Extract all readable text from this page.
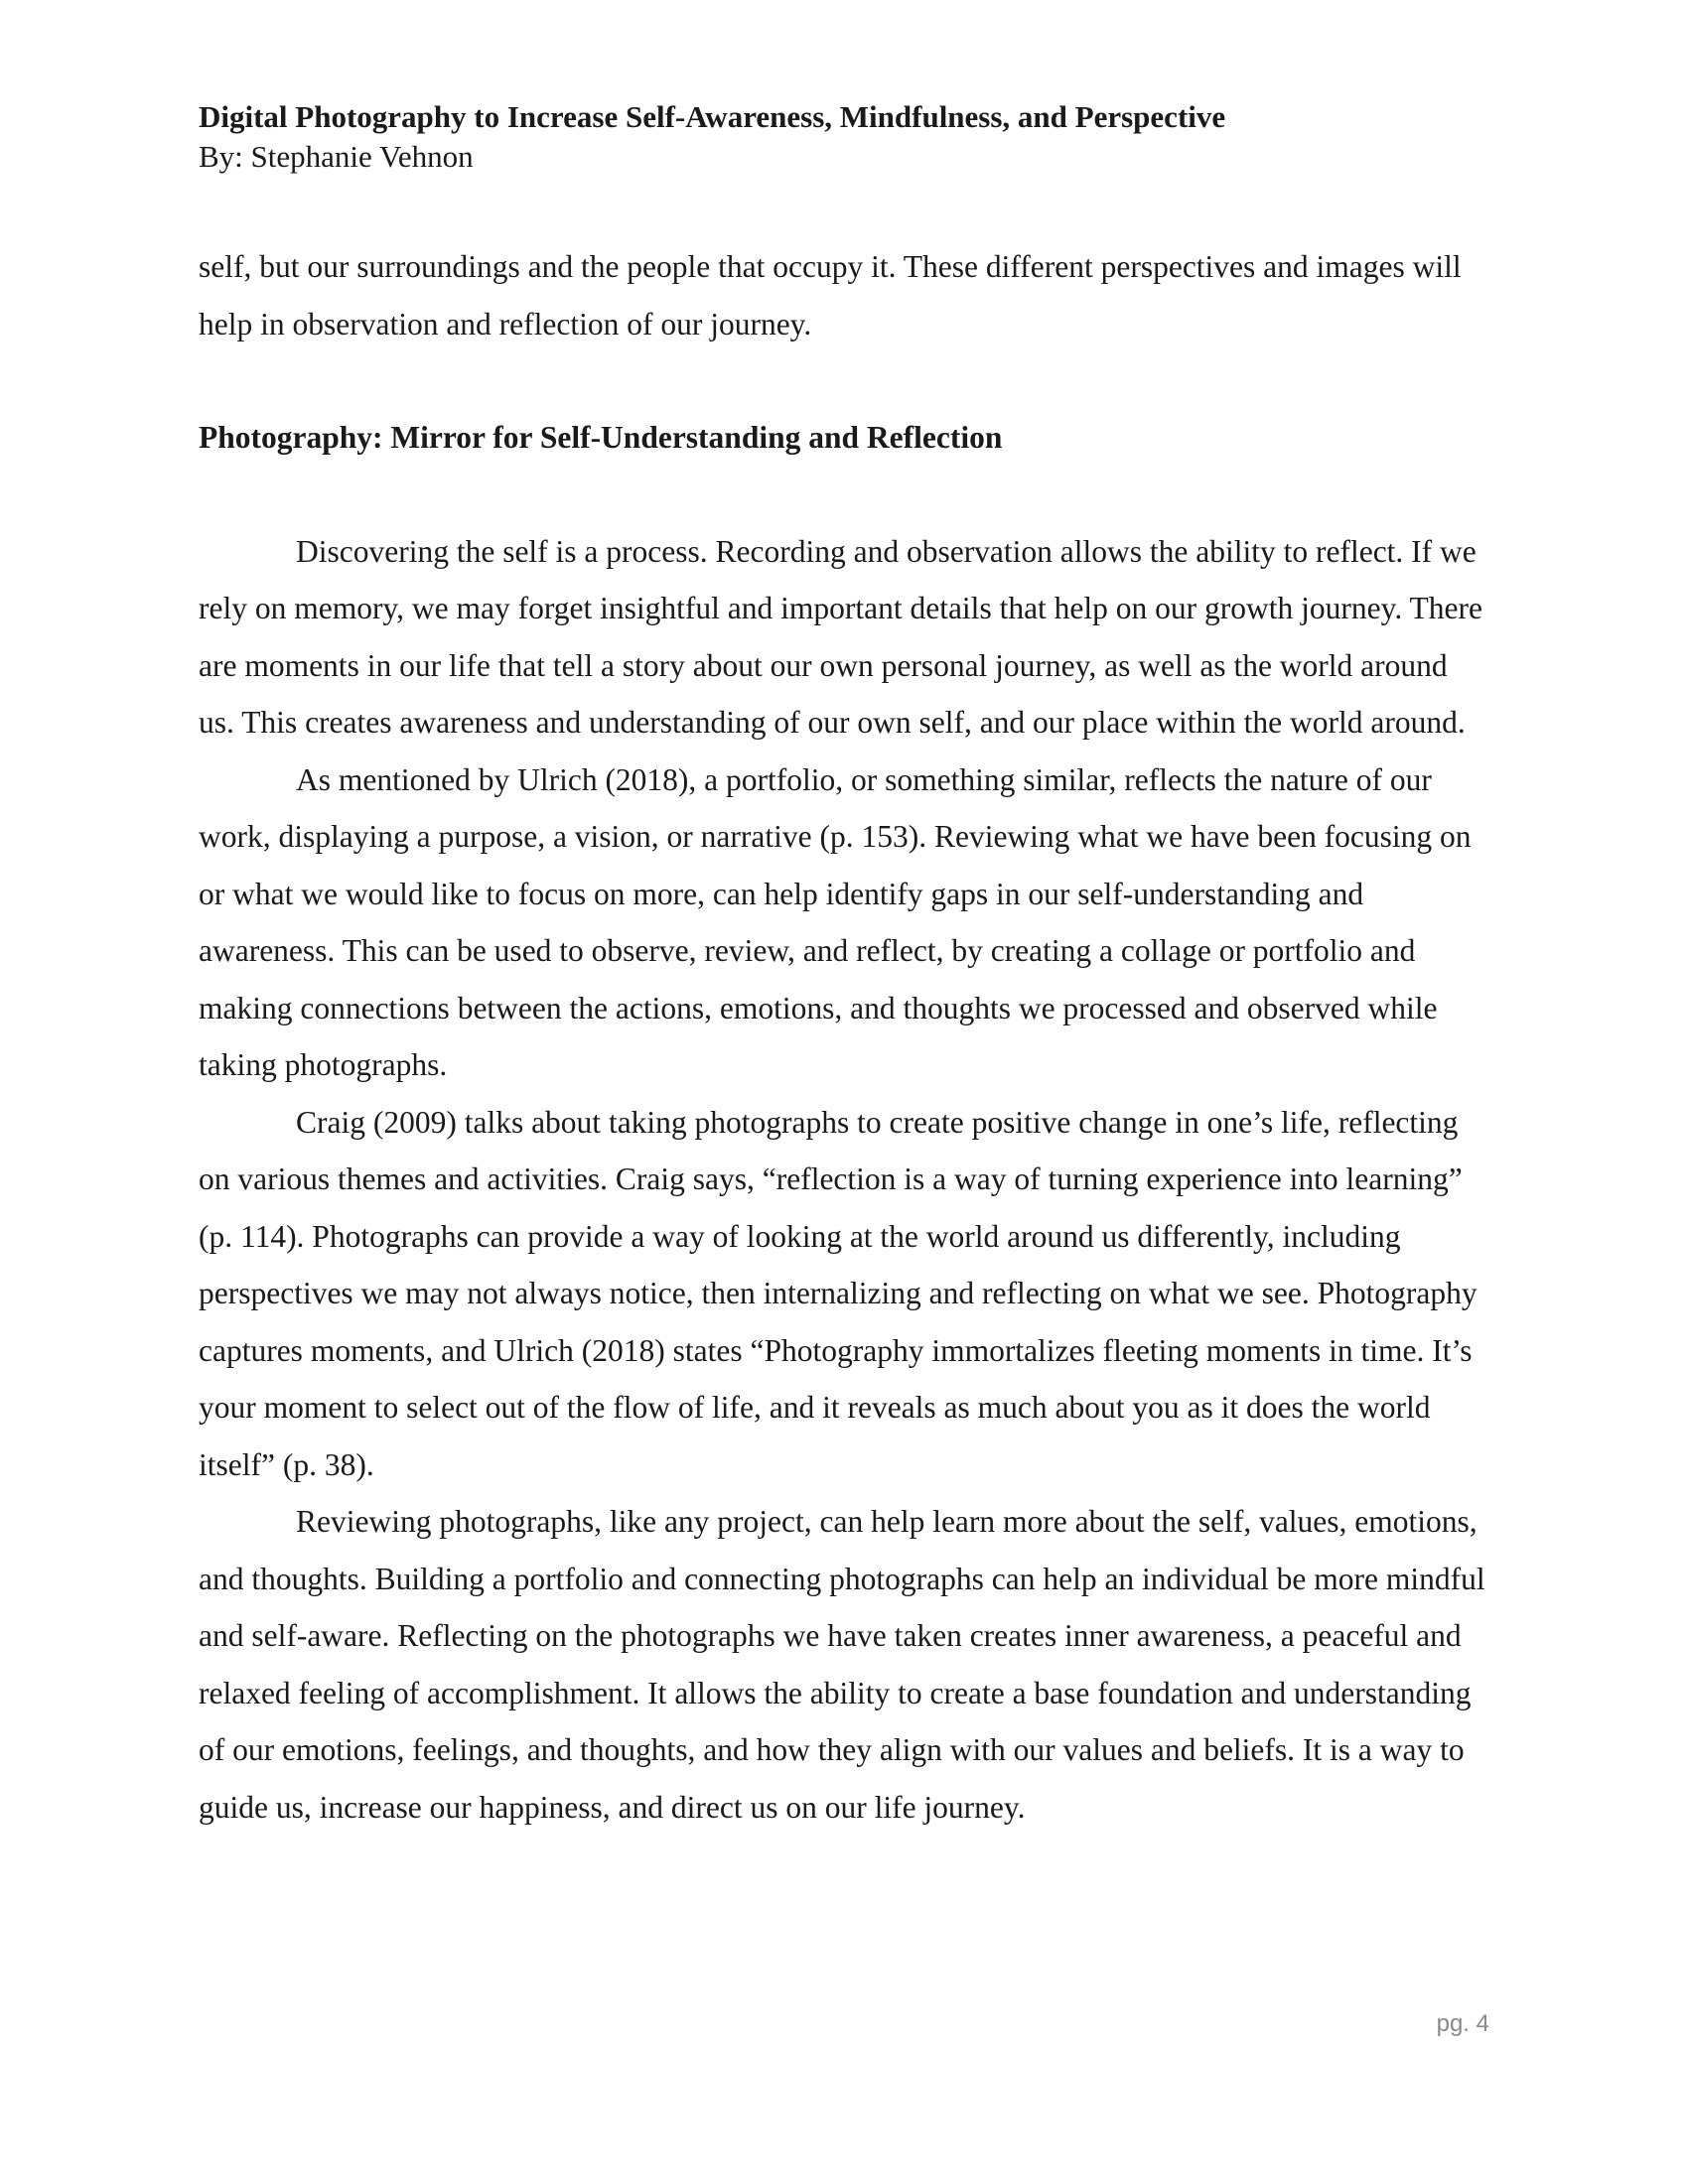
Digital Photography to Increase Self-Awareness, Mindfulness, and Perspective

By: Stephanie Vehnon

self, but our surroundings and the people that occupy it. These different perspectives and images will help in observation and reflection of our journey.

Photography: Mirror for Self-Understanding and Reflection

Discovering the self is a process. Recording and observation allows the ability to reflect. If we rely on memory, we may forget insightful and important details that help on our growth journey. There are moments in our life that tell a story about our own personal journey, as well as the world around us. This creates awareness and understanding of our own self, and our place within the world around.

As mentioned by Ulrich (2018), a portfolio, or something similar, reflects the nature of our work, displaying a purpose, a vision, or narrative (p. 153). Reviewing what we have been focusing on or what we would like to focus on more, can help identify gaps in our self-understanding and awareness. This can be used to observe, review, and reflect, by creating a collage or portfolio and making connections between the actions, emotions, and thoughts we processed and observed while taking photographs.

Craig (2009) talks about taking photographs to create positive change in one’s life, reflecting on various themes and activities. Craig says, “reflection is a way of turning experience into learning” (p. 114). Photographs can provide a way of looking at the world around us differently, including perspectives we may not always notice, then internalizing and reflecting on what we see. Photography captures moments, and Ulrich (2018) states “Photography immortalizes fleeting moments in time. It’s your moment to select out of the flow of life, and it reveals as much about you as it does the world itself” (p. 38).

Reviewing photographs, like any project, can help learn more about the self, values, emotions, and thoughts. Building a portfolio and connecting photographs can help an individual be more mindful and self-aware. Reflecting on the photographs we have taken creates inner awareness, a peaceful and relaxed feeling of accomplishment. It allows the ability to create a base foundation and understanding of our emotions, feelings, and thoughts, and how they align with our values and beliefs. It is a way to guide us, increase our happiness, and direct us on our life journey.

pg. 4
